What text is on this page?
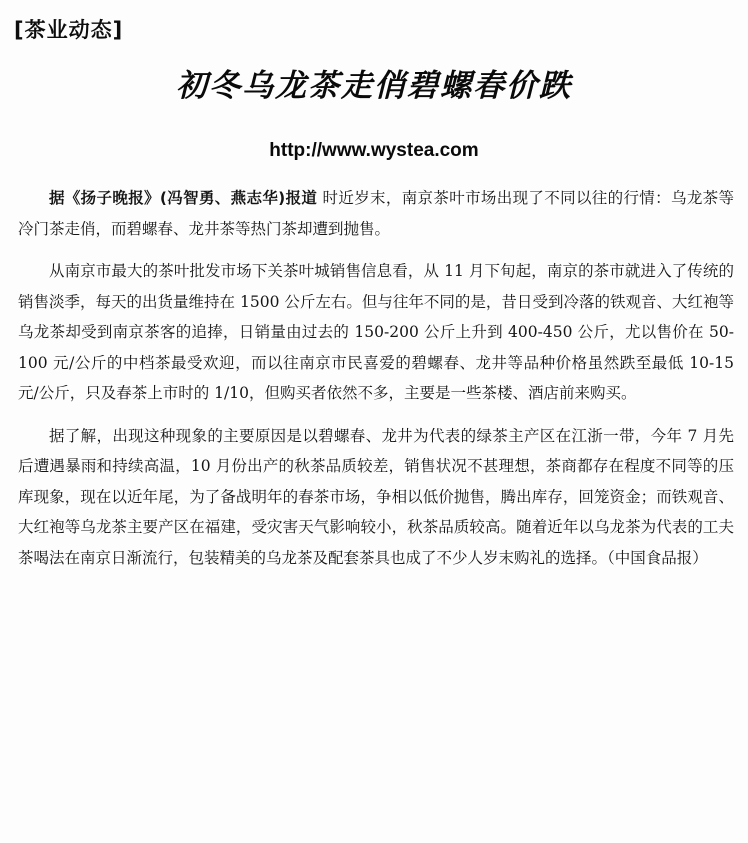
[茶业动态]
初冬乌龙茶走俏碧螺春价跌
http://www.wystea.com

据《扬子晚报》(冯智勇、燕志华)报道 时近岁末，南京茶叶市场出现了不同以往的行情：乌龙茶等冷门茶走俏，而碧螺春、龙井茶等热门茶却遭到抛售。

从南京市最大的茶叶批发市场下关茶叶城销售信息看，从 11 月下旬起，南京的茶市就进入了传统的销售淡季，每天的出货量维持在 1500 公斤左右。但与往年不同的是，昔日受到冷落的铁观音、大红袍等乌龙茶却受到南京茶客的追捧，日销量由过去的 150-200 公斤上升到 400-450 公斤，尤以售价在 50-100 元/公斤的中档茶最受欢迎，而以往南京市民喜爱的碧螺春、龙井等品种价格虽然跌至最低 10-15 元/公斤，只及春茶上市时的 1/10，但购买者依然不多，主要是一些茶楼、酒店前来购买。

据了解，出现这种现象的主要原因是以碧螺春、龙井为代表的绿茶主产区在江浙一带，今年 7 月先后遭遇暴雨和持续高温，10 月份出产的秋茶品质较差，销售状况不甚理想，茶商都存在程度不同等的压库现象，现在以近年尾，为了备战明年的春茶市场，争相以低价抛售，腾出库存，回笼资金；而铁观音、大红袍等乌龙茶主要产区在福建，受灾害天气影响较小，秋茶品质较高。随着近年以乌龙茶为代表的工夫茶喝法在南京日渐流行，包装精美的乌龙茶及配套茶具也成了不少人岁末购礼的选择。（中国食品报）
